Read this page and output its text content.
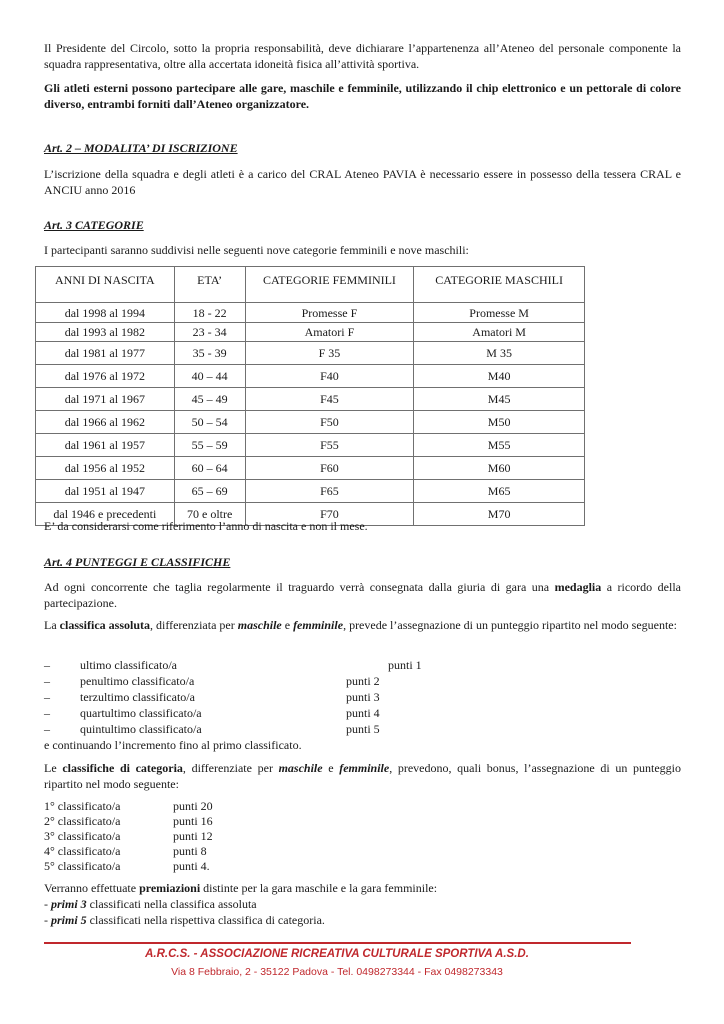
Il Presidente del Circolo, sotto la propria responsabilità, deve dichiarare l’appartenenza all’Ateneo del personale componente la squadra rappresentativa, oltre alla accertata idoneità fisica all’attività sportiva.

Gli atleti esterni possono partecipare alle gare, maschile e femminile, utilizzando il chip elettronico e un pettorale di colore diverso, entrambi forniti dall’Ateneo organizzatore.

Art. 2 – MODALITA’ DI ISCRIZIONE

L’iscrizione della squadra e degli atleti è a carico del CRAL Ateneo PAVIA è necessario essere in possesso della tessera CRAL e ANCIU anno 2016

Art. 3 CATEGORIE

I partecipanti saranno suddivisi nelle seguenti nove categorie femminili e nove maschili:

ANNI DI NASCITA	ETA’	CATEGORIE FEMMINILI	CATEGORIE MASCHILI
dal 1998 al 1994	18 - 22	Promesse F	Promesse M
dal 1993 al 1982	23 - 34	Amatori F	Amatori M
dal 1981 al 1977	35 - 39	F 35	M 35
dal 1976 al 1972	40 – 44	F40	M40
dal 1971 al 1967	45 – 49	F45	M45
dal 1966 al 1962	50 – 54	F50	M50
dal 1961 al 1957	55 – 59	F55	M55
dal 1956 al 1952	60 – 64	F60	M60
dal 1951 al 1947	65 – 69	F65	M65
dal 1946 e precedenti	70 e oltre	F70	M70

E’ da considerarsi come riferimento l’anno di nascita e non il mese.

Art. 4 PUNTEGGI E CLASSIFICHE

Ad ogni concorrente che taglia regolarmente il traguardo verrà consegnata dalla giuria di gara una medaglia a ricordo della partecipazione.

La classifica assoluta, differenziata per maschile e femminile, prevede l’assegnazione di un punteggio ripartito nel modo seguente:

–	ultimo classificato/a	punti 1
–	penultimo classificato/a	punti 2
–	terzultimo classificato/a	punti 3
–	quartultimo classificato/a	punti 4
–	quintultimo classificato/a	punti 5
e continuando l’incremento fino al primo classificato.

Le classifiche di categoria, differenziate per maschile e femminile, prevedono, quali bonus, l’assegnazione di un punteggio ripartito nel modo seguente:

1° classificato/a	punti 20
2° classificato/a	punti 16
3° classificato/a	punti 12
4° classificato/a	punti 8
5° classificato/a	punti 4.

Verranno effettuate premiazioni distinte per la gara maschile e la gara femminile:

- primi 3 classificati nella classifica assoluta

- primi 5 classificati nella rispettiva classifica di categoria.

A.R.C.S. - ASSOCIAZIONE RICREATIVA CULTURALE SPORTIVA A.S.D.
Via 8 Febbraio, 2 - 35122 Padova - Tel. 0498273344 - Fax 0498273343
